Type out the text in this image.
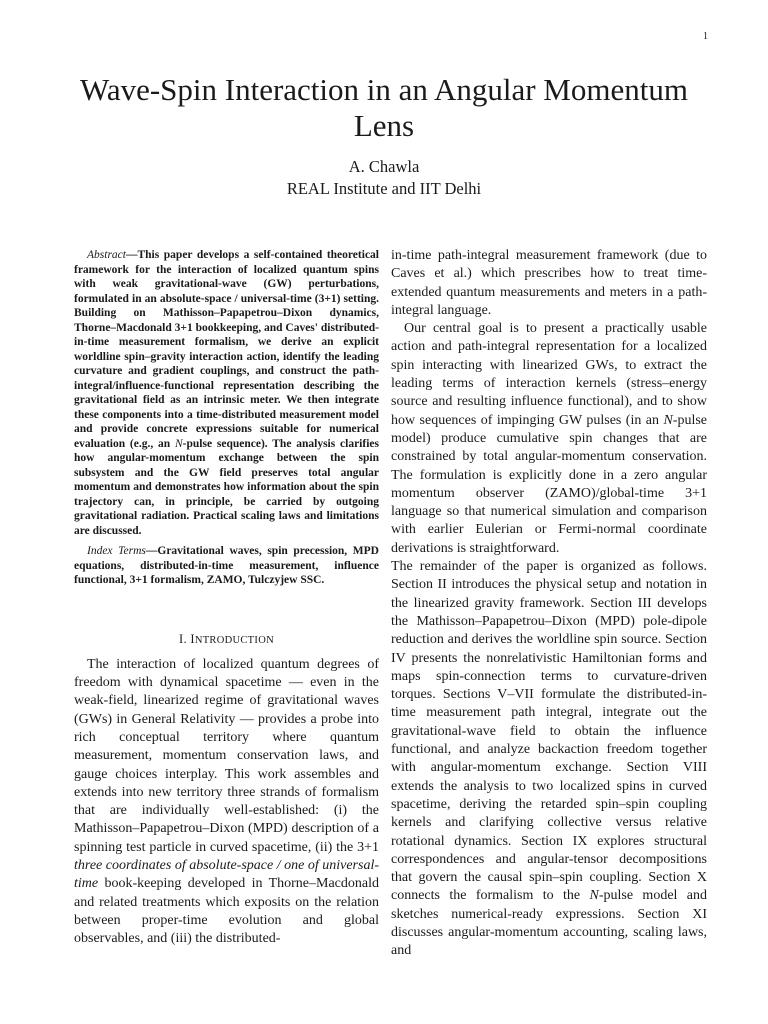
1
Wave-Spin Interaction in an Angular Momentum Lens
A. Chawla
REAL Institute and IIT Delhi

Abstract—This paper develops a self-contained theoretical framework for the interaction of localized quantum spins with weak gravitational-wave (GW) perturbations, formulated in an absolute-space / universal-time (3+1) setting. Building on Mathisson–Papapetrou–Dixon dynamics, Thorne–Macdonald 3+1 bookkeeping, and Caves' distributed-in-time measurement formalism, we derive an explicit worldline spin–gravity interaction action, identify the leading curvature and gradient couplings, and construct the path-integral/influence-functional representation describing the gravitational field as an intrinsic meter. We then integrate these components into a time-distributed measurement model and provide concrete expressions suitable for numerical evaluation (e.g., an N-pulse sequence). The analysis clarifies how angular-momentum exchange between the spin subsystem and the GW field preserves total angular momentum and demonstrates how information about the spin trajectory can, in principle, be carried by outgoing gravitational radiation. Practical scaling laws and limitations are discussed.

Index Terms—Gravitational waves, spin precession, MPD equations, distributed-in-time measurement, influence functional, 3+1 formalism, ZAMO, Tulczyjew SSC.

I. INTRODUCTION

The interaction of localized quantum degrees of freedom with dynamical spacetime — even in the weak-field, linearized regime of gravitational waves (GWs) in General Relativity — provides a probe into rich conceptual territory where quantum measurement, momentum conservation laws, and gauge choices interplay. This work assembles and extends into new territory three strands of formalism that are individually well-established: (i) the Mathisson–Papapetrou–Dixon (MPD) description of a spinning test particle in curved spacetime, (ii) the 3+1 three coordinates of absolute-space / one of universal-time book-keeping developed in Thorne–Macdonald and related treatments which exposits on the relation between proper-time evolution and global observables, and (iii) the distributed-

in-time path-integral measurement framework (due to Caves et al.) which prescribes how to treat time-extended quantum measurements and meters in a path-integral language.

Our central goal is to present a practically usable action and path-integral representation for a localized spin interacting with linearized GWs, to extract the leading terms of interaction kernels (stress–energy source and resulting influence functional), and to show how sequences of impinging GW pulses (in an N-pulse model) produce cumulative spin changes that are constrained by total angular-momentum conservation. The formulation is explicitly done in a zero angular momentum observer (ZAMO)/global-time 3+1 language so that numerical simulation and comparison with earlier Eulerian or Fermi-normal coordinate derivations is straightforward.

The remainder of the paper is organized as follows. Section II introduces the physical setup and notation in the linearized gravity framework. Section III develops the Mathisson–Papapetrou–Dixon (MPD) pole-dipole reduction and derives the worldline spin source. Section IV presents the nonrelativistic Hamiltonian forms and maps spin-connection terms to curvature-driven torques. Sections V–VII formulate the distributed-in-time measurement path integral, integrate out the gravitational-wave field to obtain the influence functional, and analyze backaction freedom together with angular-momentum exchange. Section VIII extends the analysis to two localized spins in curved spacetime, deriving the retarded spin–spin coupling kernels and clarifying collective versus relative rotational dynamics. Section IX explores structural correspondences and angular-tensor decompositions that govern the causal spin–spin coupling. Section X connects the formalism to the N-pulse model and sketches numerical-ready expressions. Section XI discusses angular-momentum accounting, scaling laws, and
